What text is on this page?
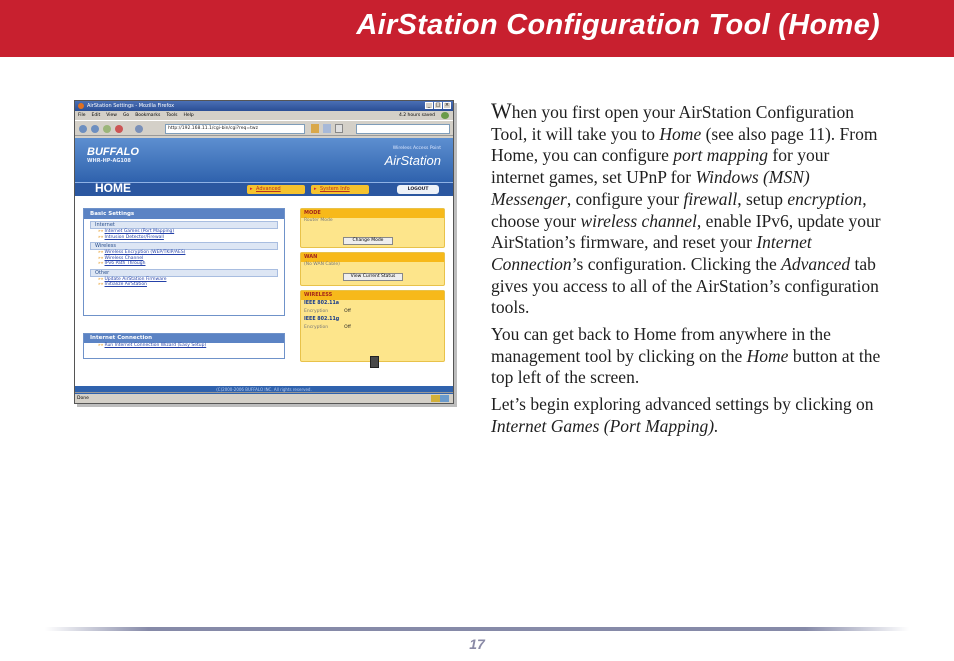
AirStation Configuration Tool (Home)
AirStation Settings - Mozilla Firefox	_	□ ×
File Edit View Go Bookmarks Tools Help	4.2 hours saved
http://192.168.11.1/cgi-bin/cgi?req=twz
BUFFALO
WHR-HP-AG108
Wireless Access Point
AirStation
HOME	▸ Advanced	▸ System Info	LOGOUT
Basic Settings
Internet
»» Internet Games (Port Mapping)
»» Intrusion Detector/Firewall
Wireless
»» Wireless Encryption (WEP/TKIP/AES)
»» Wireless Channel
»» IPv6 Path Through
Other
»» Update AirStation Firmware
»» Initialize AirStation
Internet Connection
»» Run Internet Connection Wizard (Easy Setup)
MODE
Router Mode
Change Mode
WAN
(No WAN Cable)
View Current Status
WIRELESS
IEEE 802.11a
Encryption	Off
IEEE 802.11g
Encryption	Off
(C)2000-2006 BUFFALO INC. All rights reserved.
Done

When you first open your AirStation Configuration Tool, it will take you to Home (see also page 11). From Home, you can configure port mapping for your internet games, set UPnP for Windows (MSN) Messenger, configure your firewall, setup encryption, choose your wireless channel, enable IPv6, update your AirStation’s firmware, and reset your Internet Connection’s configuration. Clicking the Advanced tab gives you access to all of the AirStation’s configuration tools.

You can get back to Home from anywhere in the management tool by clicking on the Home button at the top left of the screen.

Let’s begin exploring advanced settings by clicking on Internet Games (Port Mapping).

17
